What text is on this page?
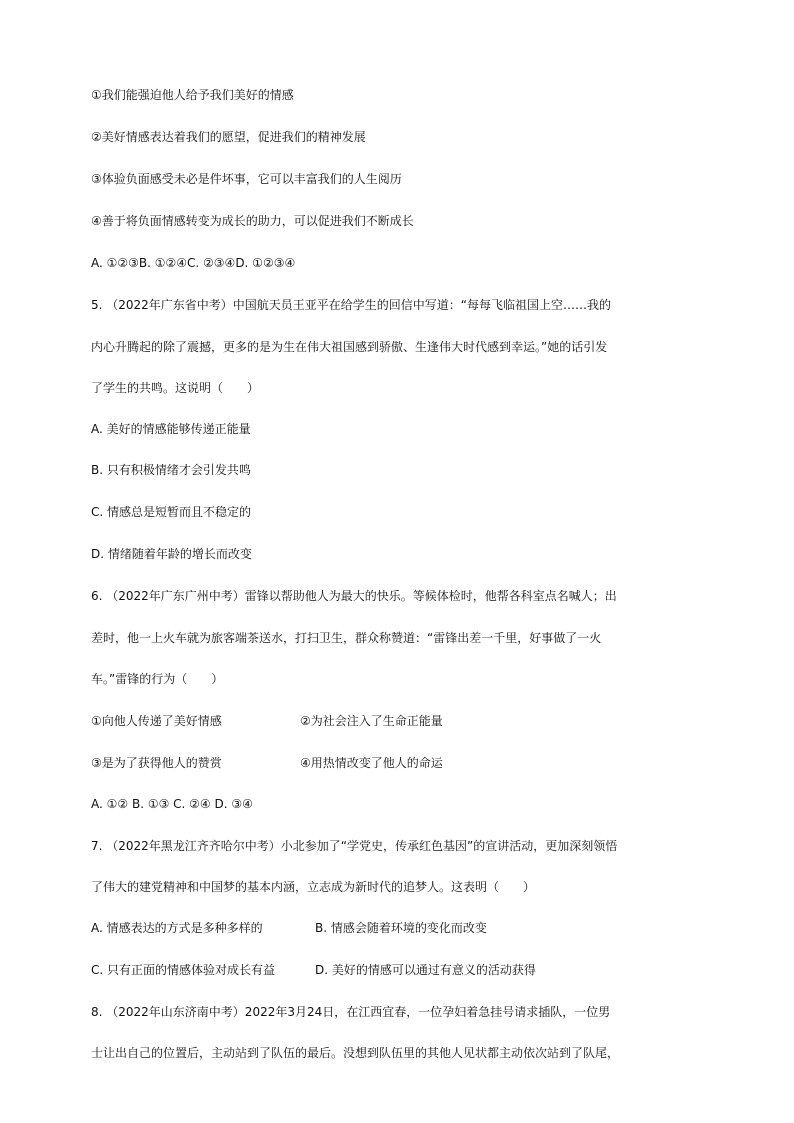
①我们能强迫他人给予我们美好的情感
②美好情感表达着我们的愿望，促进我们的精神发展
③体验负面感受未必是件坏事，它可以丰富我们的人生阅历
④善于将负面情感转变为成长的助力，可以促进我们不断成长
A. ①②③B. ①②④C. ②③④D. ①②③④
5. （2022年广东省中考）中国航天员王亚平在给学生的回信中写道：“每每飞临祖国上空……我的
内心升腾起的除了震撼，更多的是为生在伟大祖国感到骄傲、生逢伟大时代感到幸运。”她的话引发
了学生的共鸣。这说明（　　）
A. 美好的情感能够传递正能量
B. 只有积极情绪才会引发共鸣
C. 情感总是短暂而且不稳定的
D. 情绪随着年龄的增长而改变
6. （2022年广东广州中考）雷锋以帮助他人为最大的快乐。等候体检时，他帮各科室点名喊人；出
差时，他一上火车就为旅客端茶送水，打扫卫生，群众称赞道：“雷锋出差一千里，好事做了一火
车。”雷锋的行为（　　）
①向他人传递了美好情感	②为社会注入了生命正能量
③是为了获得他人的赞赏	④用热情改变了他人的命运
A. ①② B. ①③ C. ②④ D. ③④
7. （2022年黑龙江齐齐哈尔中考）小北参加了“学党史，传承红色基因”的宣讲活动，更加深刻领悟
了伟大的建党精神和中国梦的基本内涵，立志成为新时代的追梦人。这表明（　　）
A. 情感表达的方式是多种多样的	B. 情感会随着环境的变化而改变
C. 只有正面的情感体验对成长有益	D. 美好的情感可以通过有意义的活动获得
8. （2022年山东济南中考）2022年3月24日，在江西宜春，一位孕妇着急挂号请求插队，一位男
士让出自己的位置后，主动站到了队伍的最后。没想到队伍里的其他人见状都主动依次站到了队尾，
